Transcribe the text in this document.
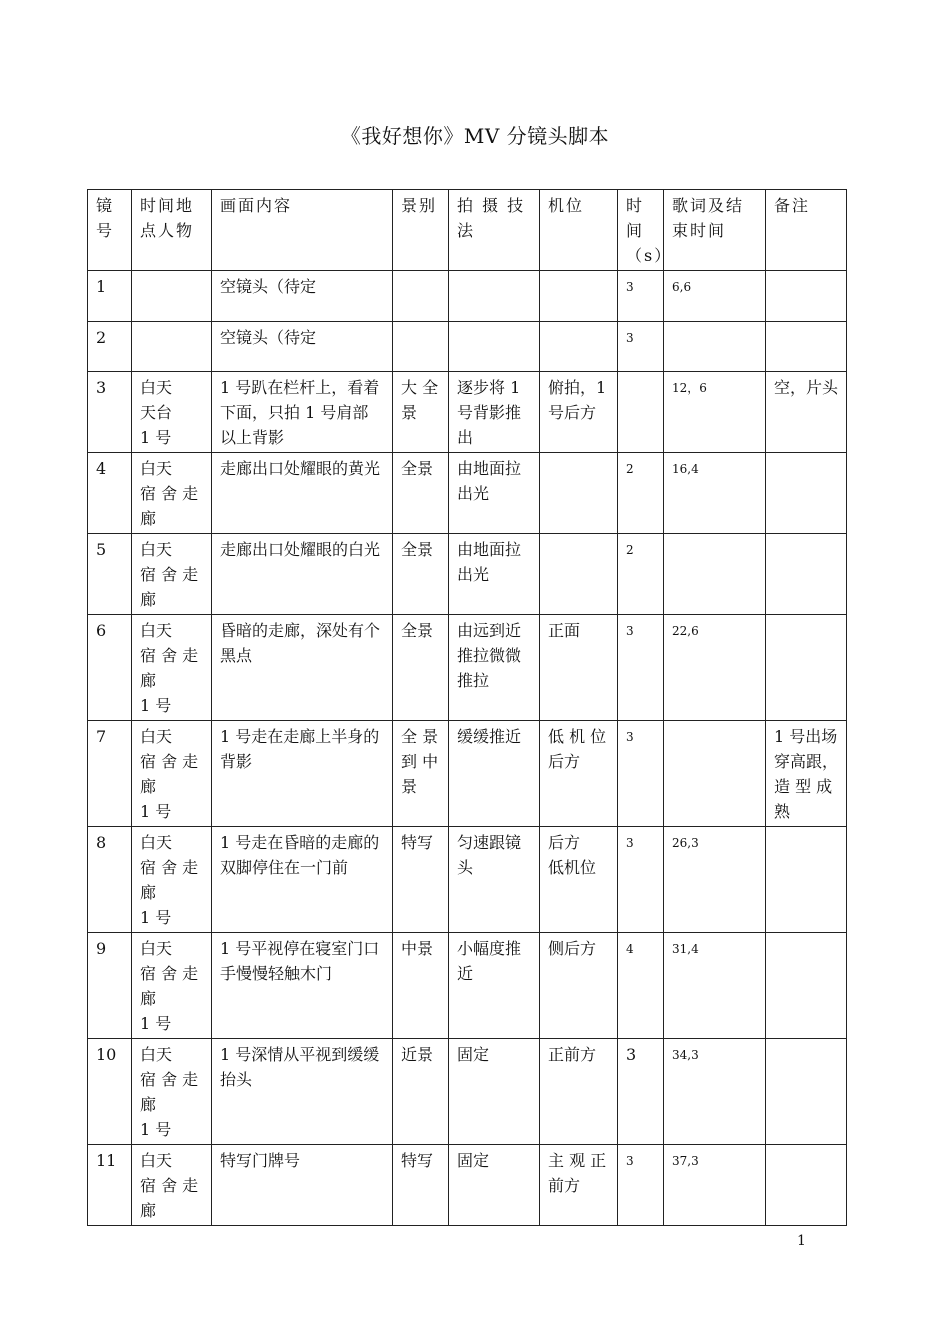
《我好想你》MV 分镜头脚本
镜
号	时间地
点人物	画面内容	景别	拍 摄 技
法	机位	时
间
（s）	歌词及结
束时间	备注
1		空镜头（待定				3	6,6	

2		空镜头（待定				3		

3	白天
天台
1 号	1 号趴在栏杆上，看着下面，只拍 1 号肩部以上背影	大 全
景	逐步将 1 号背影推出	俯拍，1 号后方		12，6	空，片头
4	白天
宿 舍 走
廊	走廊出口处耀眼的黄光	全景	由地面拉出光		2	16,4	

5	白天
宿 舍 走
廊	走廊出口处耀眼的白光	全景	由地面拉出光		2		

6	白天
宿 舍 走
廊
1 号	昏暗的走廊，深处有个黑点	全景	由远到近推拉微微推拉	正面	3	22,6	

7	白天
宿 舍 走
廊
1 号	1 号走在走廊上半身的背影	全 景
到 中
景	缓缓推近	低 机 位
后方	3		1 号出场穿高跟，造 型 成熟
8	白天
宿 舍 走
廊
1 号	1 号走在昏暗的走廊的双脚停住在一门前	特写	匀速跟镜头	后方
低机位	3	26,3	

9	白天
宿 舍 走
廊
1 号	1 号平视停在寝室门口手慢慢轻触木门	中景	小幅度推近	侧后方	4	31,4	

10	白天
宿 舍 走
廊
1 号	1 号深情从平视到缓缓抬头	近景	固定	正前方	3	34,3	

11	白天
宿 舍 走
廊	特写门牌号	特写	固定	主 观 正
前方	3	37,3	

1
